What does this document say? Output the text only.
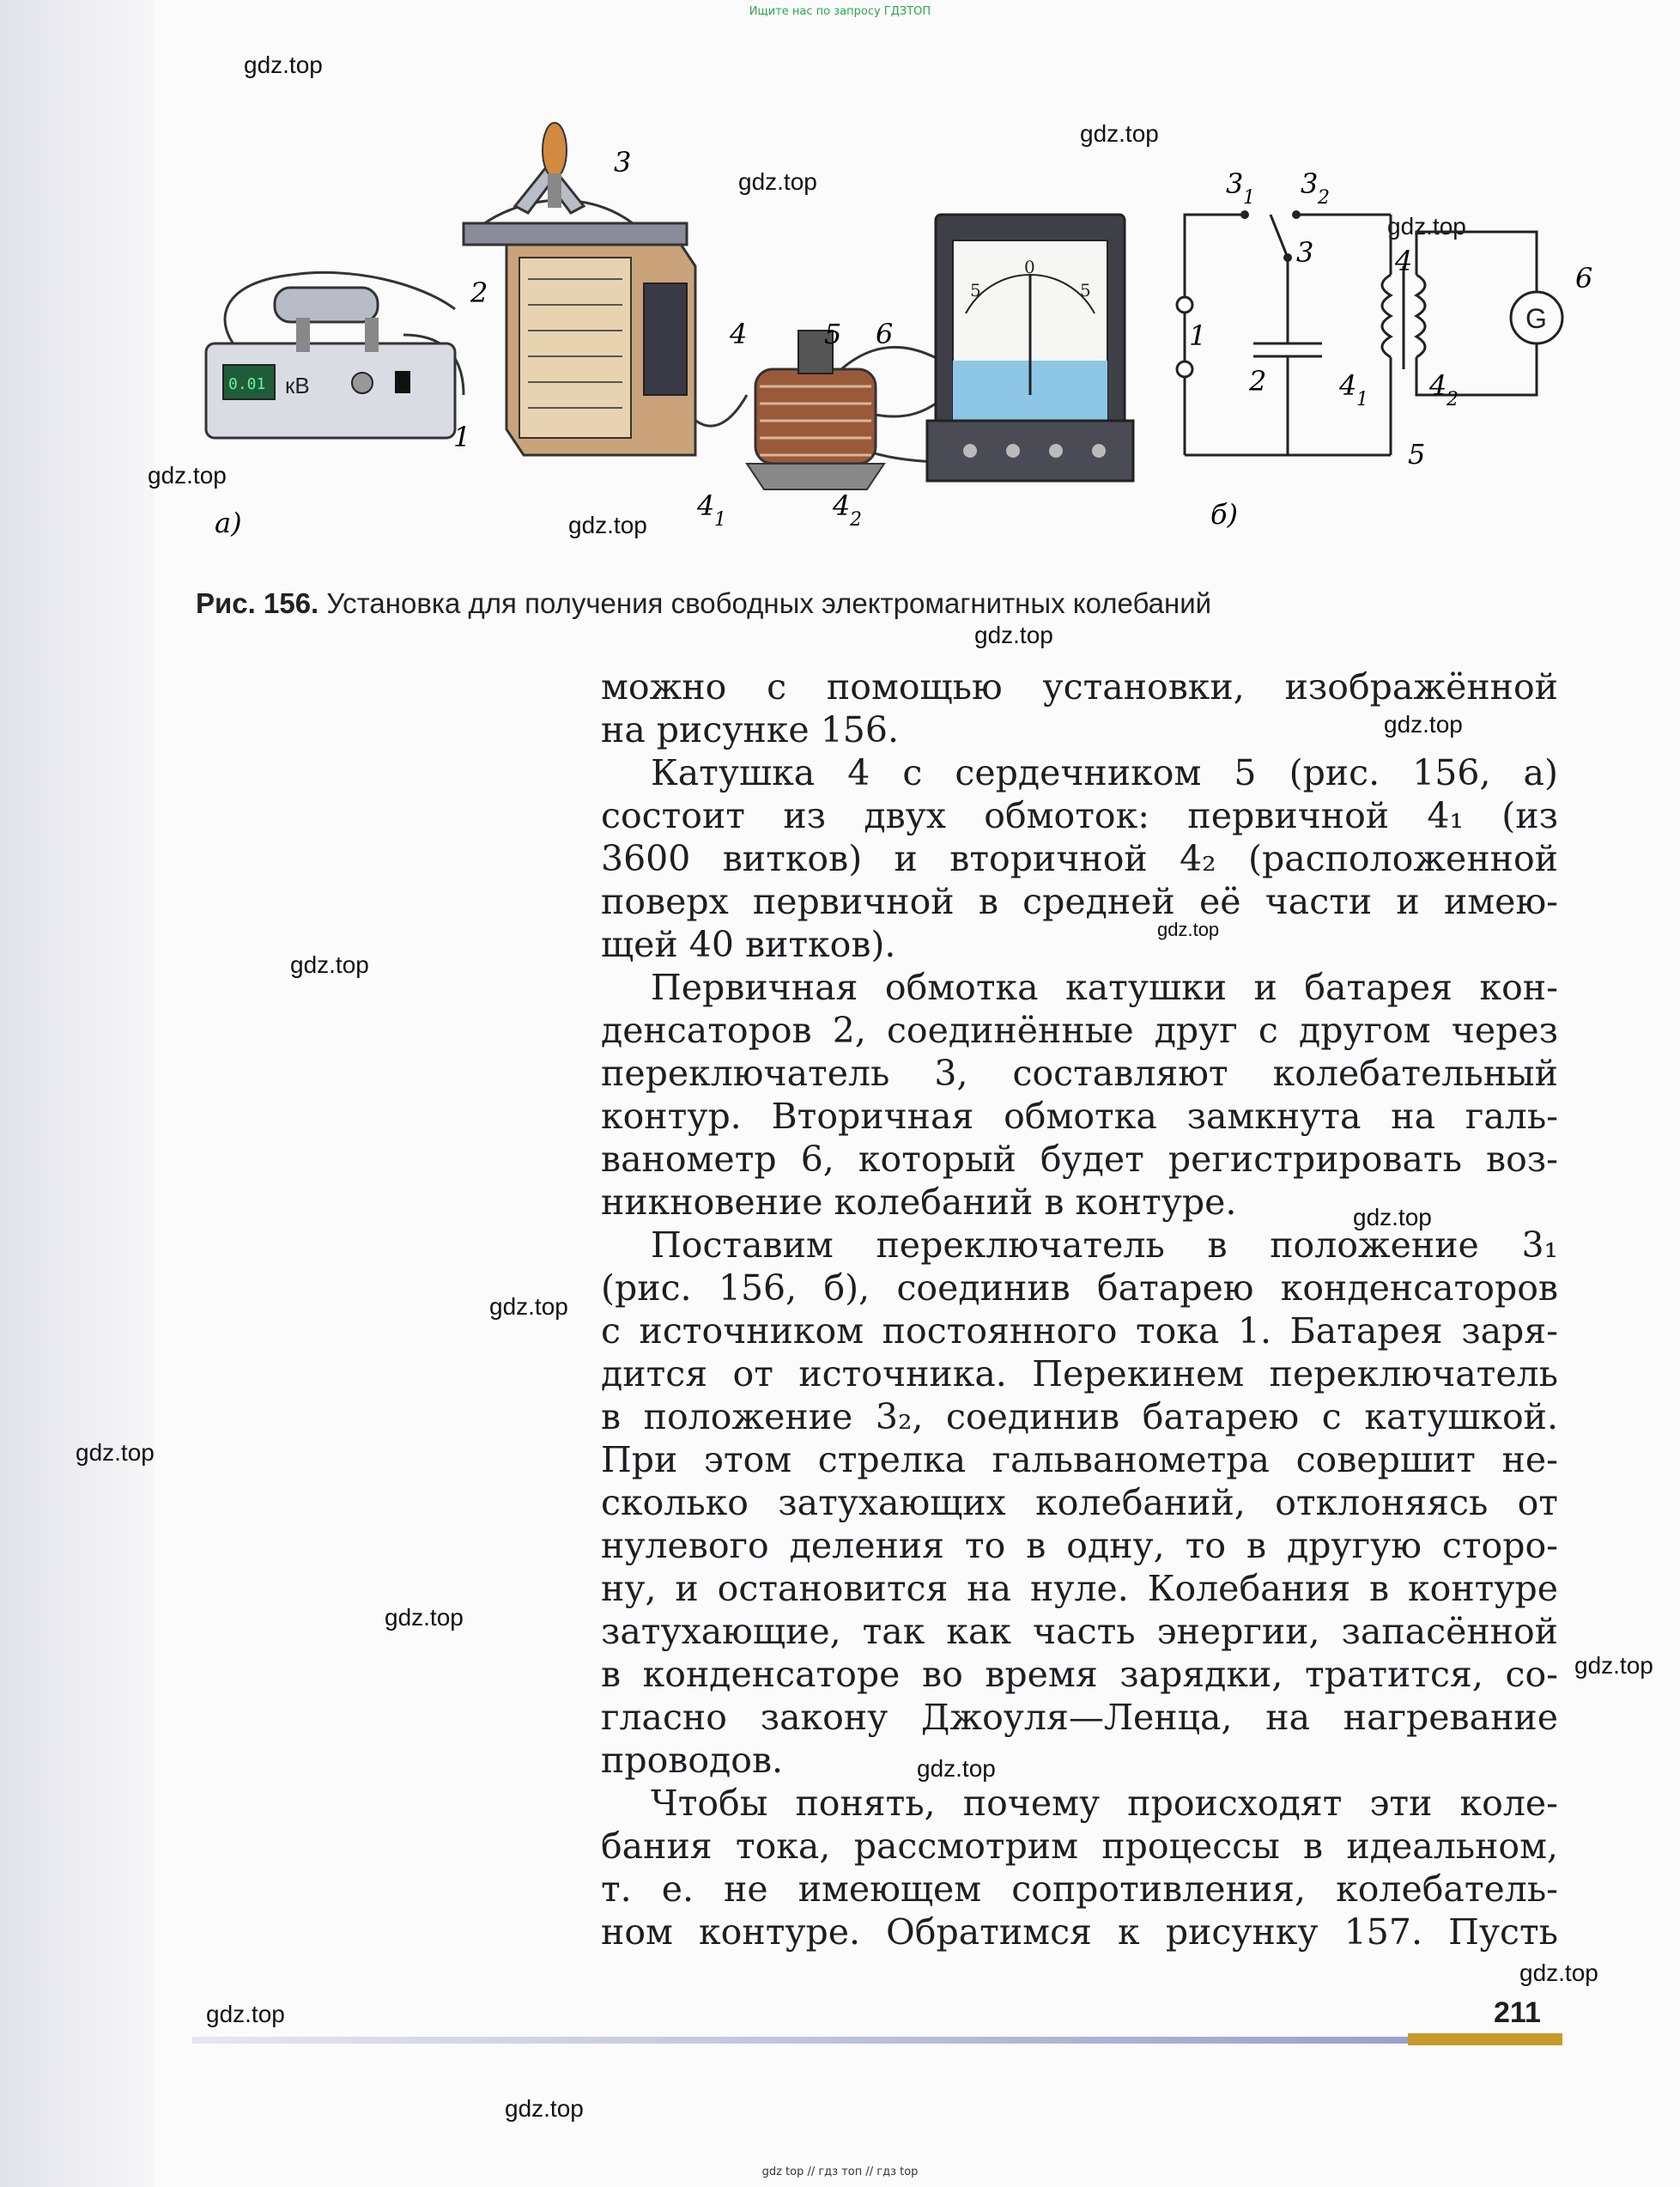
Ищите нас по запросу ГДЗТОП
gdz.top
gdz.top
gdz.top
gdz.top
gdz.top
gdz.top
gdz.top
gdz.top
gdz.top
gdz.top
gdz.top
gdz.top
gdz.top
gdz.top
gdz.top
gdz.top
gdz.top
gdz.top
gdz.top
0.01 кВ
5
0
5
1
2
3
4	5 6
4 1	4 2
а)
G
3 1 3 2
3	4
6
1
2	4 1 4 2
5
б)
Рис. 156. Установка для получения свободных электромагнитных колебаний

можно с помощью установки, изображённой
на рисунке 156.

Катушка 4 с сердечником 5 (рис. 156, а)
состоит из двух обмоток: первичной 4₁ (из
3600 витков) и вторичной 4₂ (расположенной
поверх первичной в средней её части и имею-
щей 40 витков).

Первичная обмотка катушки и батарея кон-
денсаторов 2, соединённые друг с другом через
переключатель 3, составляют колебательный
контур. Вторичная обмотка замкнута на галь-
ванометр 6, который будет регистрировать воз-
никновение колебаний в контуре.

Поставим переключатель в положение 3₁
(рис. 156, б), соединив батарею конденсаторов
с источником постоянного тока 1. Батарея заря-
дится от источника. Перекинем переключатель
в положение 3₂, соединив батарею с катушкой.
При этом стрелка гальванометра совершит не-
сколько затухающих колебаний, отклоняясь от
нулевого деления то в одну, то в другую сторо-
ну, и остановится на нуле. Колебания в контуре
затухающие, так как часть энергии, запасённой
в конденсаторе во время зарядки, тратится, со-
гласно закону Джоуля—Ленца, на нагревание
проводов.

Чтобы понять, почему происходят эти коле-
бания тока, рассмотрим процессы в идеальном,
т. е. не имеющем сопротивления, колебатель-
ном контуре. Обратимся к рисунку 157. Пусть

211
gdz top // гдз топ // гдз top
